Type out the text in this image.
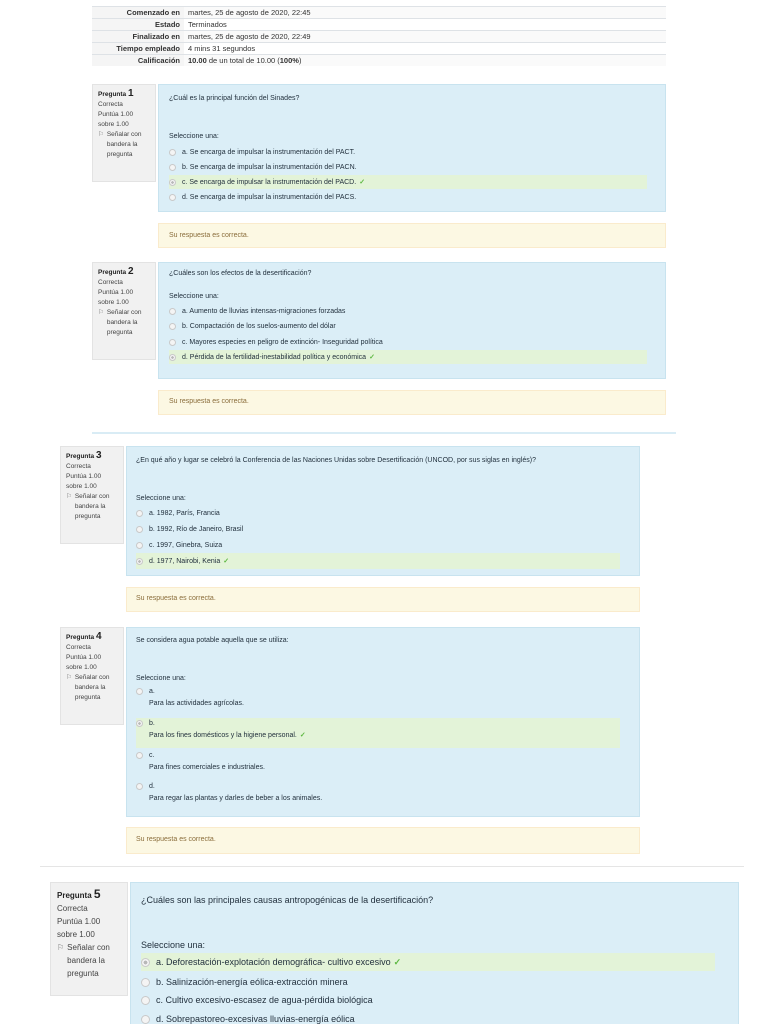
Comenzado en	martes, 25 de agosto de 2020, 22:45
Estado	Terminados
Finalizado en	martes, 25 de agosto de 2020, 22:49
Tiempo empleado	4 mins 31 segundos
Calificación	10.00 de un total de 10.00 (100%)
Pregunta 1
Correcta
Puntúa 1.00 sobre 1.00
⚐ Señalar con bandera la pregunta
¿Cuál es la principal función del Sinades?
Seleccione una:
a. Se encarga de impulsar la instrumentación del PACT.
b. Se encarga de impulsar la instrumentación del PACN.
c. Se encarga de impulsar la instrumentación del PACD. ✓
d. Se encarga de impulsar la instrumentación del PACS.
Su respuesta es correcta.
Pregunta 2
Correcta
Puntúa 1.00 sobre 1.00
⚐ Señalar con bandera la pregunta
¿Cuáles son los efectos de la desertificación?
Seleccione una:
a. Aumento de lluvias intensas-migraciones forzadas
b. Compactación de los suelos-aumento del dólar
c. Mayores especies en peligro de extinción- Inseguridad política
d. Pérdida de la fertilidad-inestabilidad política y económica ✓
Su respuesta es correcta.
Pregunta 3
Correcta
Puntúa 1.00 sobre 1.00
⚐ Señalar con bandera la pregunta
¿En qué año y lugar se celebró la Conferencia de las Naciones Unidas sobre Desertificación (UNCOD, por sus siglas en inglés)?
Seleccione una:
a. 1982, París, Francia
b. 1992, Río de Janeiro, Brasil
c. 1997, Ginebra, Suiza
d. 1977, Nairobi, Kenia ✓
Su respuesta es correcta.
Pregunta 4
Correcta
Puntúa 1.00 sobre 1.00
⚐ Señalar con bandera la pregunta
Se considera agua potable aquella que se utiliza:
Seleccione una:
a.
Para las actividades agrícolas.
b.
Para los fines domésticos y la higiene personal. ✓
c.
Para fines comerciales e industriales.
d.
Para regar las plantas y darles de beber a los animales.
Su respuesta es correcta.
Pregunta 5
Correcta
Puntúa 1.00 sobre 1.00
⚐ Señalar con bandera la pregunta
¿Cuáles son las principales causas antropogénicas de la desertificación?
Seleccione una:
a. Deforestación-explotación demográfica- cultivo excesivo ✓
b. Salinización-energía eólica-extracción minera
c. Cultivo excesivo-escasez de agua-pérdida biológica
d. Sobrepastoreo-excesivas lluvias-energía eólica
